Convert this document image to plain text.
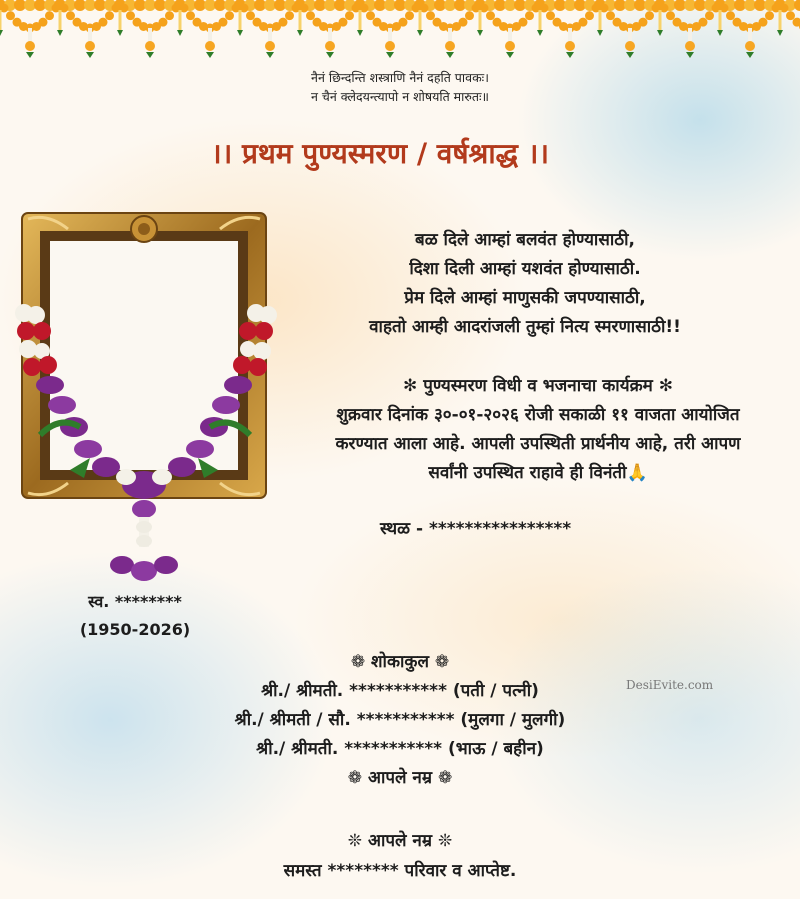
नैनं छिन्दन्ति शस्त्राणि नैनं दहति पावकः।
न चैनं क्लेदयन्त्यापो न शोषयति मारुतः॥
।। प्रथम पुण्यस्मरण / वर्षश्राद्ध ।।
स्व. ********
(1950-2026)
बळ दिले आम्हां बलवंत होण्यासाठी,
दिशा दिली आम्हां यशवंत होण्यासाठी.
प्रेम दिले आम्हां माणुसकी जपण्यासाठी,
वाहतो आम्ही आदरांजली तुम्हां नित्य स्मरणासाठी!!
✻ पुण्यस्मरण विधी व भजनाचा कार्यक्रम ✻
शुक्रवार दिनांक ३०-०१-२०२६ रोजी सकाळी ११ वाजता आयोजित
करण्यात आला आहे. आपली उपस्थिती प्रार्थनीय आहे, तरी आपण
सर्वांनी उपस्थित राहावे ही विनंती🙏
स्थळ - ****************
❁ शोकाकुल ❁
श्री./ श्रीमती. *********** (पती / पत्नी)
श्री./ श्रीमती / सौ. *********** (मुलगा / मुलगी)
श्री./ श्रीमती. *********** (भाऊ / बहीन)
❁ आपले नम्र ❁
DesiEvite.com
❊ आपले नम्र ❊
समस्त ******** परिवार व आप्तेष्ट.
